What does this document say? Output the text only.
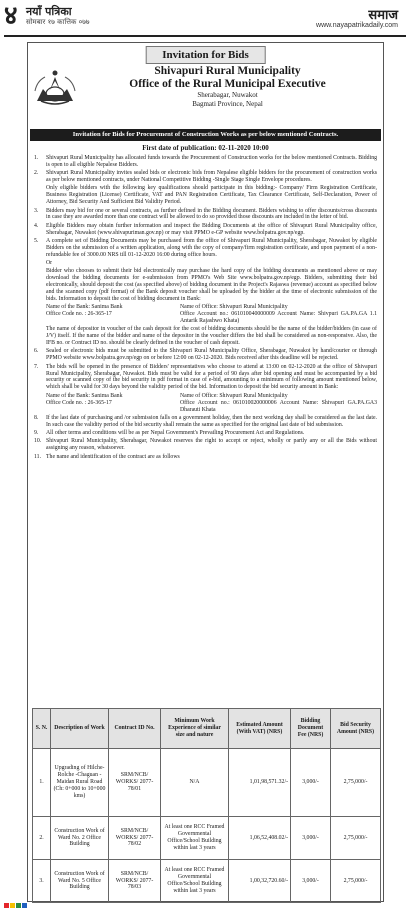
४ नयाँ पत्रिका
सोमबार १७ कात्तिक ०७७	समाज
www.nayapatrikadaily.com
Invitation for Bids
Shivapuri Rural Municipality
Office of the Rural Municipal Executive
Sherabagar, Nuwakot
Bagmati Province, Nepal
Invitation for Bids for Procurement of Construction Works as per below mentioned Contracts.
First date of publication: 02-11-2020 10:00
1. Shivapuri Rural Municipality has allocated funds towards the Procurement of Construction works for the below mentioned Contracts. Bidding is open to all eligible Nepalese Bidders.
2. Shivapuri Rural Municipality invites sealed bids or electronic bids from Nepalese eligible bidders for the procurement of construction works as per below mentioned contracts, under National Competitive Bidding -Single Stage Single Envelope procedures.
Only eligible bidders with the following key qualifications should participate in this bidding:- Company/ Firm Registration Certificate, Business Registration (License) Certificate, VAT and PAN Registration Certificate, Tax Clearance Certificate, Self-Declaration, Power of Attorney, Bid Security And Sufficient Bid Validity Period.
3. Bidders may bid for one or several contracts, as further defined in the Bidding document. Bidders wishing to offer discounts/cross discounts in case they are awarded more than one contract will be allowed to do so provided those discounts are included in the letter of bid.
4. Eligible Bidders may obtain further information and inspect the Bidding Documents at the office of Shivapuri Rural Municipality office, Sherabagar, Nuwakot (www.shivapuriman.gov.np) or may visit PPMO e-GP website www.bolpatra.gov.np/egp.
5. A complete set of Bidding Documents may be purchased from the office of Shivapuri Rural Municipality, Sherabagar, Nuwakot by eligible Bidders on the submission of a written application, along with the copy of company/firm registration certificate, and upon payment of a non-refundable fee of 3000.00 NRS till 01-12-2020 16:00 during office hours.
Or
Bidder who chooses to submit their bid electronically may purchase the hard copy of the bidding documents as mentioned above or may download the bidding documents for e-submission from PPMO's Web Site www.bolpatra.gov.np/egp. Bidders, submitting their bid electronically, should deposit the cost (as specified above) of bidding document in the Project's Rajaswa (revenue) account as specified below and the scanned copy (pdf format) of the Bank deposit voucher shall be uploaded by the bidder at the time of electronic submission of the bids. Information to deposit the cost of bidding document in Bank:
Name of the Bank: Sanima Bank	Name of Office: Shivapuri Rural Municipality
Office Code no. : 26-365-17	Office Account no.: 061010040000009 Account Name: Shivpuri GA.PA.GA 1.1 Antarik Rajashwo Khata)
The name of depositor in voucher of the cash deposit for the cost of bidding documents should be the name of the bidder/bidders (in case of J/V) itself. If the name of the bidder and name of the depositor in the voucher differs the bid shall be considered as non-responsive. Also, the IFB no. or Contract ID no. should be clearly defined in the voucher of cash deposit.
6. Sealed or electronic bids must be submitted to the Shivapuri Rural Municipality Office, Sherabagar, Nuwakot by hand/courier or through PPMO website www.bolpatra.gov.np/egp on or before 12:00 on 02-12-2020. Bids received after this deadline will be rejected.
7. The bids will be opened in the presence of Bidders' representatives who choose to attend at 13:00 on 02-12-2020 at the office of Shivapuri Rural Municipality, Sherabagar, Nuwakot. Bids must be valid for a period of 90 days after bid opening and must be accompanied by a bid security or scanned copy of the bid security in pdf format in case of e-bid, amounting to a minimum of following amount mentioned below, which shall be valid for 30 days beyond the validity period of the bid. Information to deposit the bid security amount in Bank:
Name of the Bank: Sanima Bank	Name of Office: Shivapuri Rural Municipality
Office Code no. : 26-365-17	Office Account no.: 061010020000006 Account Name: Shivapuri GA.PA.GA3 Dharauti Khata
8. If the last date of purchasing and /or submission falls on a government holiday, then the next working day shall be considered as the last date. In such case the validity period of the bid security shall remain the same as specified for the original last date of bid submission.
9. All other terms and conditions will be as per Nepal Government's Prevailing Procurement Act and Regulations.
10. Shivapuri Rural Municipality, Sherabagar, Nuwakot reserves the right to accept or reject, wholly or partly any or all the Bids without assigning any reason, whatsoever.
11. The name and identification of the contract are as follows
S. N.	Description of Work	Contract ID No.	Minimum Work Experience of similar size and nature	Estimated Amount (With VAT) (NRS)	Bidding Document Fee (NRS)	Bid Security Amount (NRS)
1.	Upgrading of Hilche- Rolche -Chaguan -Maidan Rural Road (Ch: 0+000 to 10+000 kms)	SRM/NCB/ WORKS/ 2077-78/01	N/A	1,01,98,571.32/-	3,000/-	2,75,000/-
2.	Construction Work of Ward No. 2 Office Building	SRM/NCB/ WORKS/ 2077-78/02	At least one RCC Framed Governmental Office/School Building within last 3 years	1,06,52,408.02/-	3,000/-	2,75,000/-
3.	Construction Work of Ward No. 5 Office Building	SRM/NCB/ WORKS/ 2077-78/03	At least one RCC Framed Governmental Office/School Building within last 3 years	1,00,32,720.60/-	3,000/-	2,75,000/-
